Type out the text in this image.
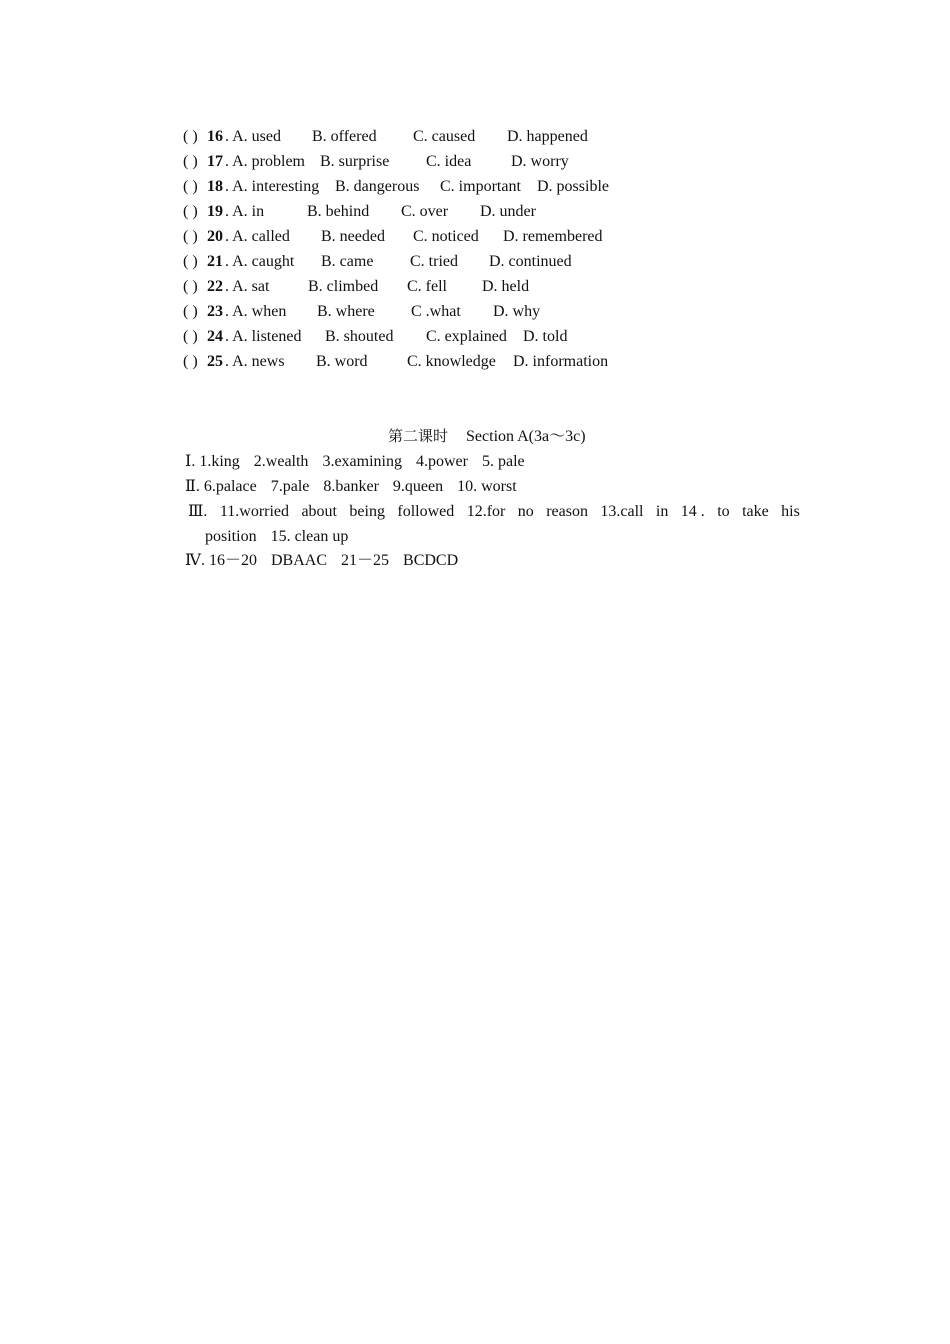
( ) 16 . A. used B. offered C. caused D. happened
( ) 17 . A. problem B. surprise C. idea D. worry
( ) 18 . A. interesting B. dangerous C. important D. possible
( ) 19 . A. in	B. behind C. over D. under
( ) 20 . A. called B. needed C. noticed D. remembered
( ) 21 . A. caught B. came C. tried D. continued
( ) 22 . A. sat B. climbed C. fell D. held
( ) 23 . A. when B. where C .what D. why
( ) 24 . A. listened B. shouted C. explained D. told
( ) 25 . A. news B. word C. knowledge D. information
第二课时 Section A(3a～3c)
Ⅰ. 1.king 2.wealth 3.examining 4.power 5. pale
Ⅱ. 6.palace 7.pale 8.banker 9.queen 10. worst
Ⅲ. 11.worried about being followed 12.for no reason 13.call in 14 . to take his
position 15. clean up
Ⅳ. 16－20 DBAAC 21－25 BCDCD
